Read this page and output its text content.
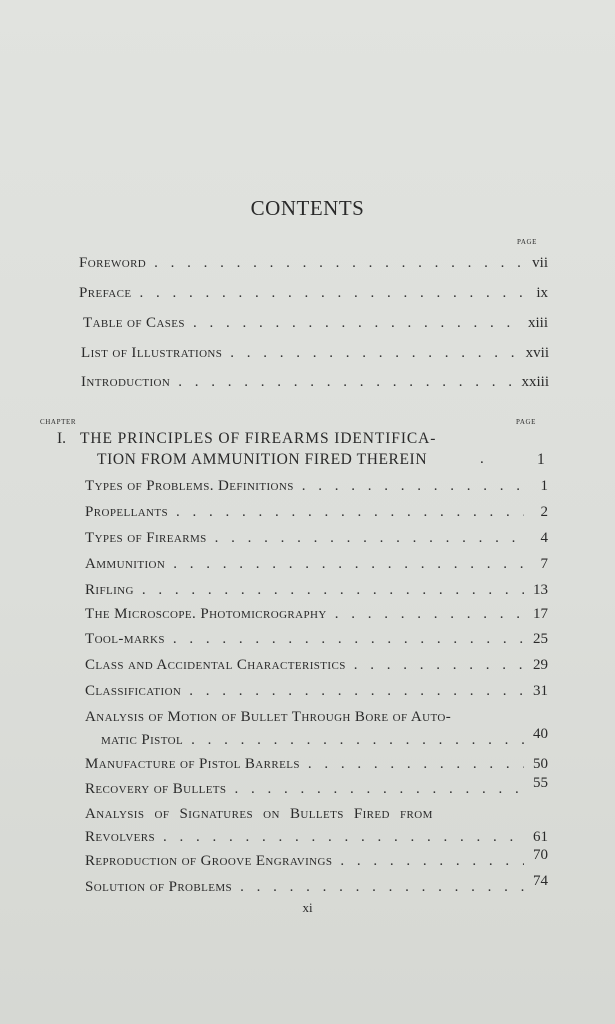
CONTENTS
page
Foreword . . .	vii
Preface . . .	ix
Table of Cases . . .	xiii
List of Illustrations . . .	xvii
Introduction . . .	xxiii
chapter	page
I. THE PRINCIPLES OF FIREARMS IDENTIFICA-
TION FROM AMMUNITION FIRED THEREIN	.	1
Types of Problems. Definitions . . .	1
Propellants . . .	2
Types of Firearms . . .	4
Ammunition . . .	7
Rifling . . .	13
The Microscope. Photomicrography . . .	17
Tool-marks . . .	25
Class and Accidental Characteristics . . .	29
Classification . . .	31
Analysis of Motion of Bullet Through Bore of Auto-
matic Pistol . . .	40
Manufacture of Pistol Barrels . . .	50
Recovery of Bullets . . .	55
Analysis of Signatures on Bullets Fired from
Revolvers . . .	61
Reproduction of Groove Engravings . . .	70
Solution of Problems . . .	74
xi
